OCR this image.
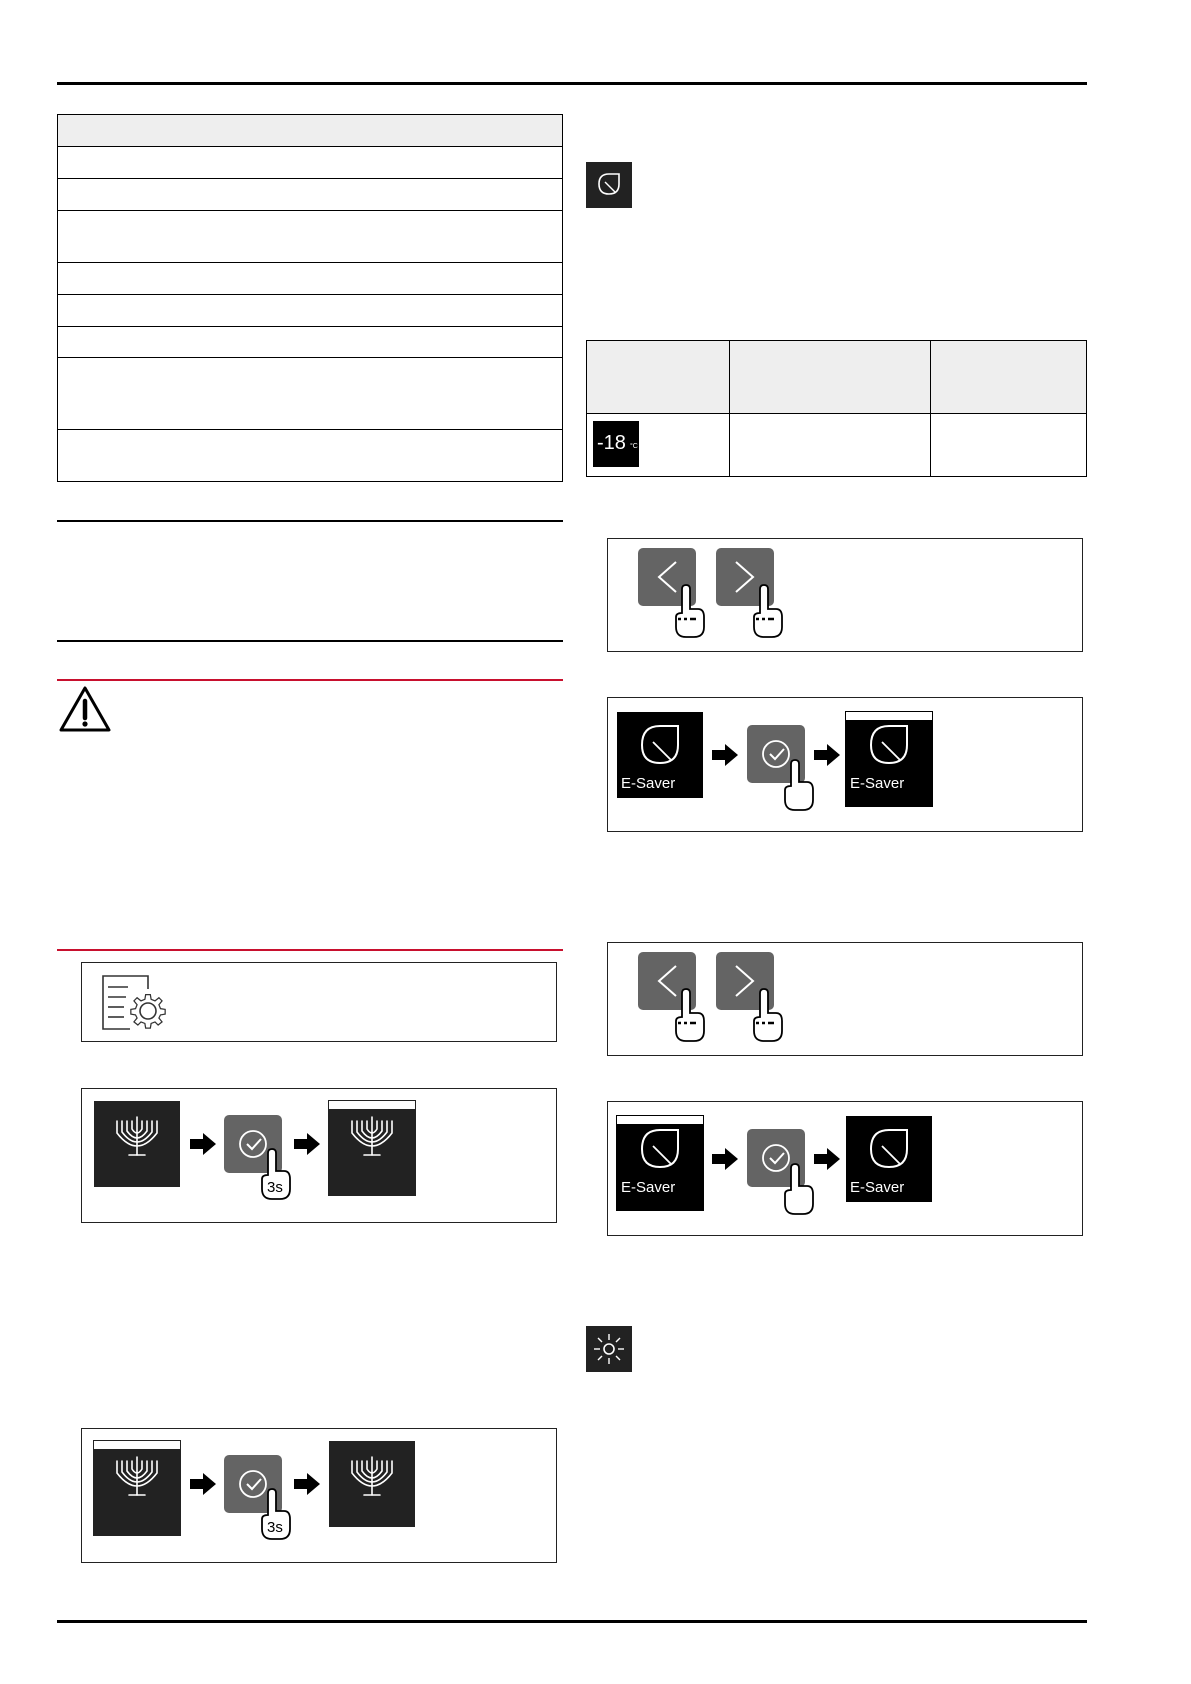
3s
3s

-18 °C		

E-Saver	E-Saver
E-Saver	E-Saver
